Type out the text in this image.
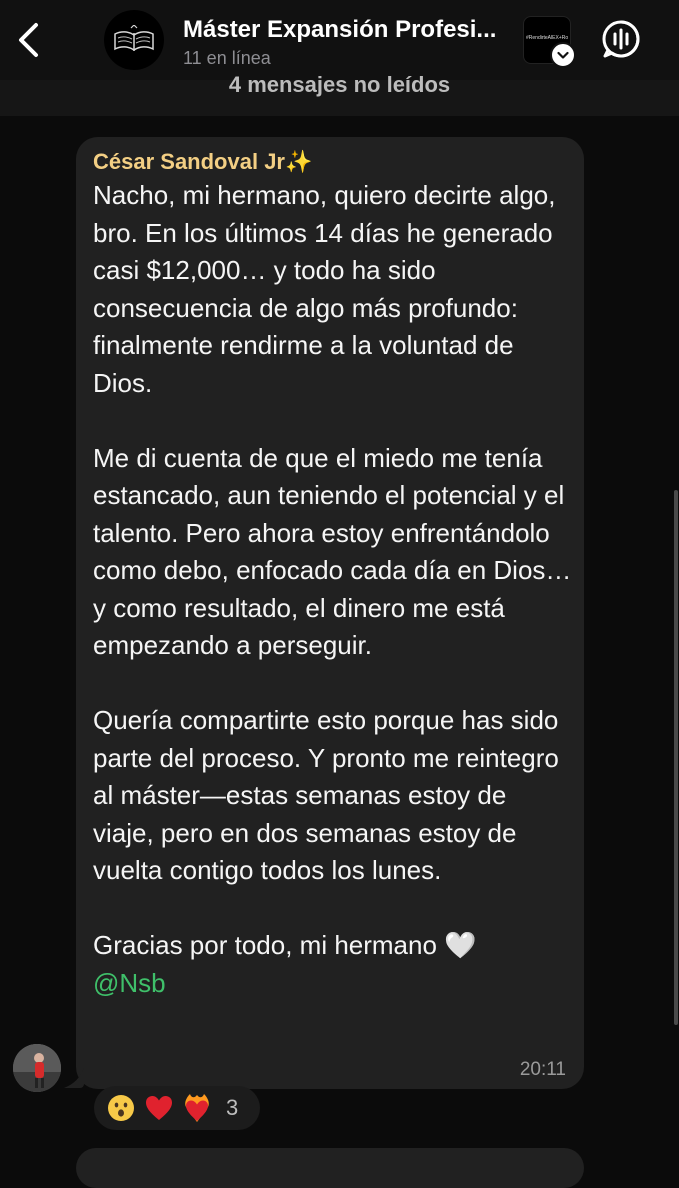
Máster Expansión Profesi...
11 en línea
#RendirteAlEX+Ro
4 mensajes no leídos
César Sandoval Jr✨
Nacho, mi hermano, quiero decirte algo, bro. En los últimos 14 días he generado casi $12,000… y todo ha sido consecuencia de algo más profundo: finalmente rendirme a la voluntad de Dios.

Me di cuenta de que el miedo me tenía estancado, aun teniendo el potencial y el talento. Pero ahora estoy enfrentándolo como debo, enfocado cada día en Dios… y como resultado, el dinero me está empezando a perseguir.

Quería compartirte esto porque has sido parte del proceso. Y pronto me reintegro al máster—estas semanas estoy de viaje, pero en dos semanas estoy de vuelta contigo todos los lunes.

Gracias por todo, mi hermano 🤍
@Nsb
20:11
3
